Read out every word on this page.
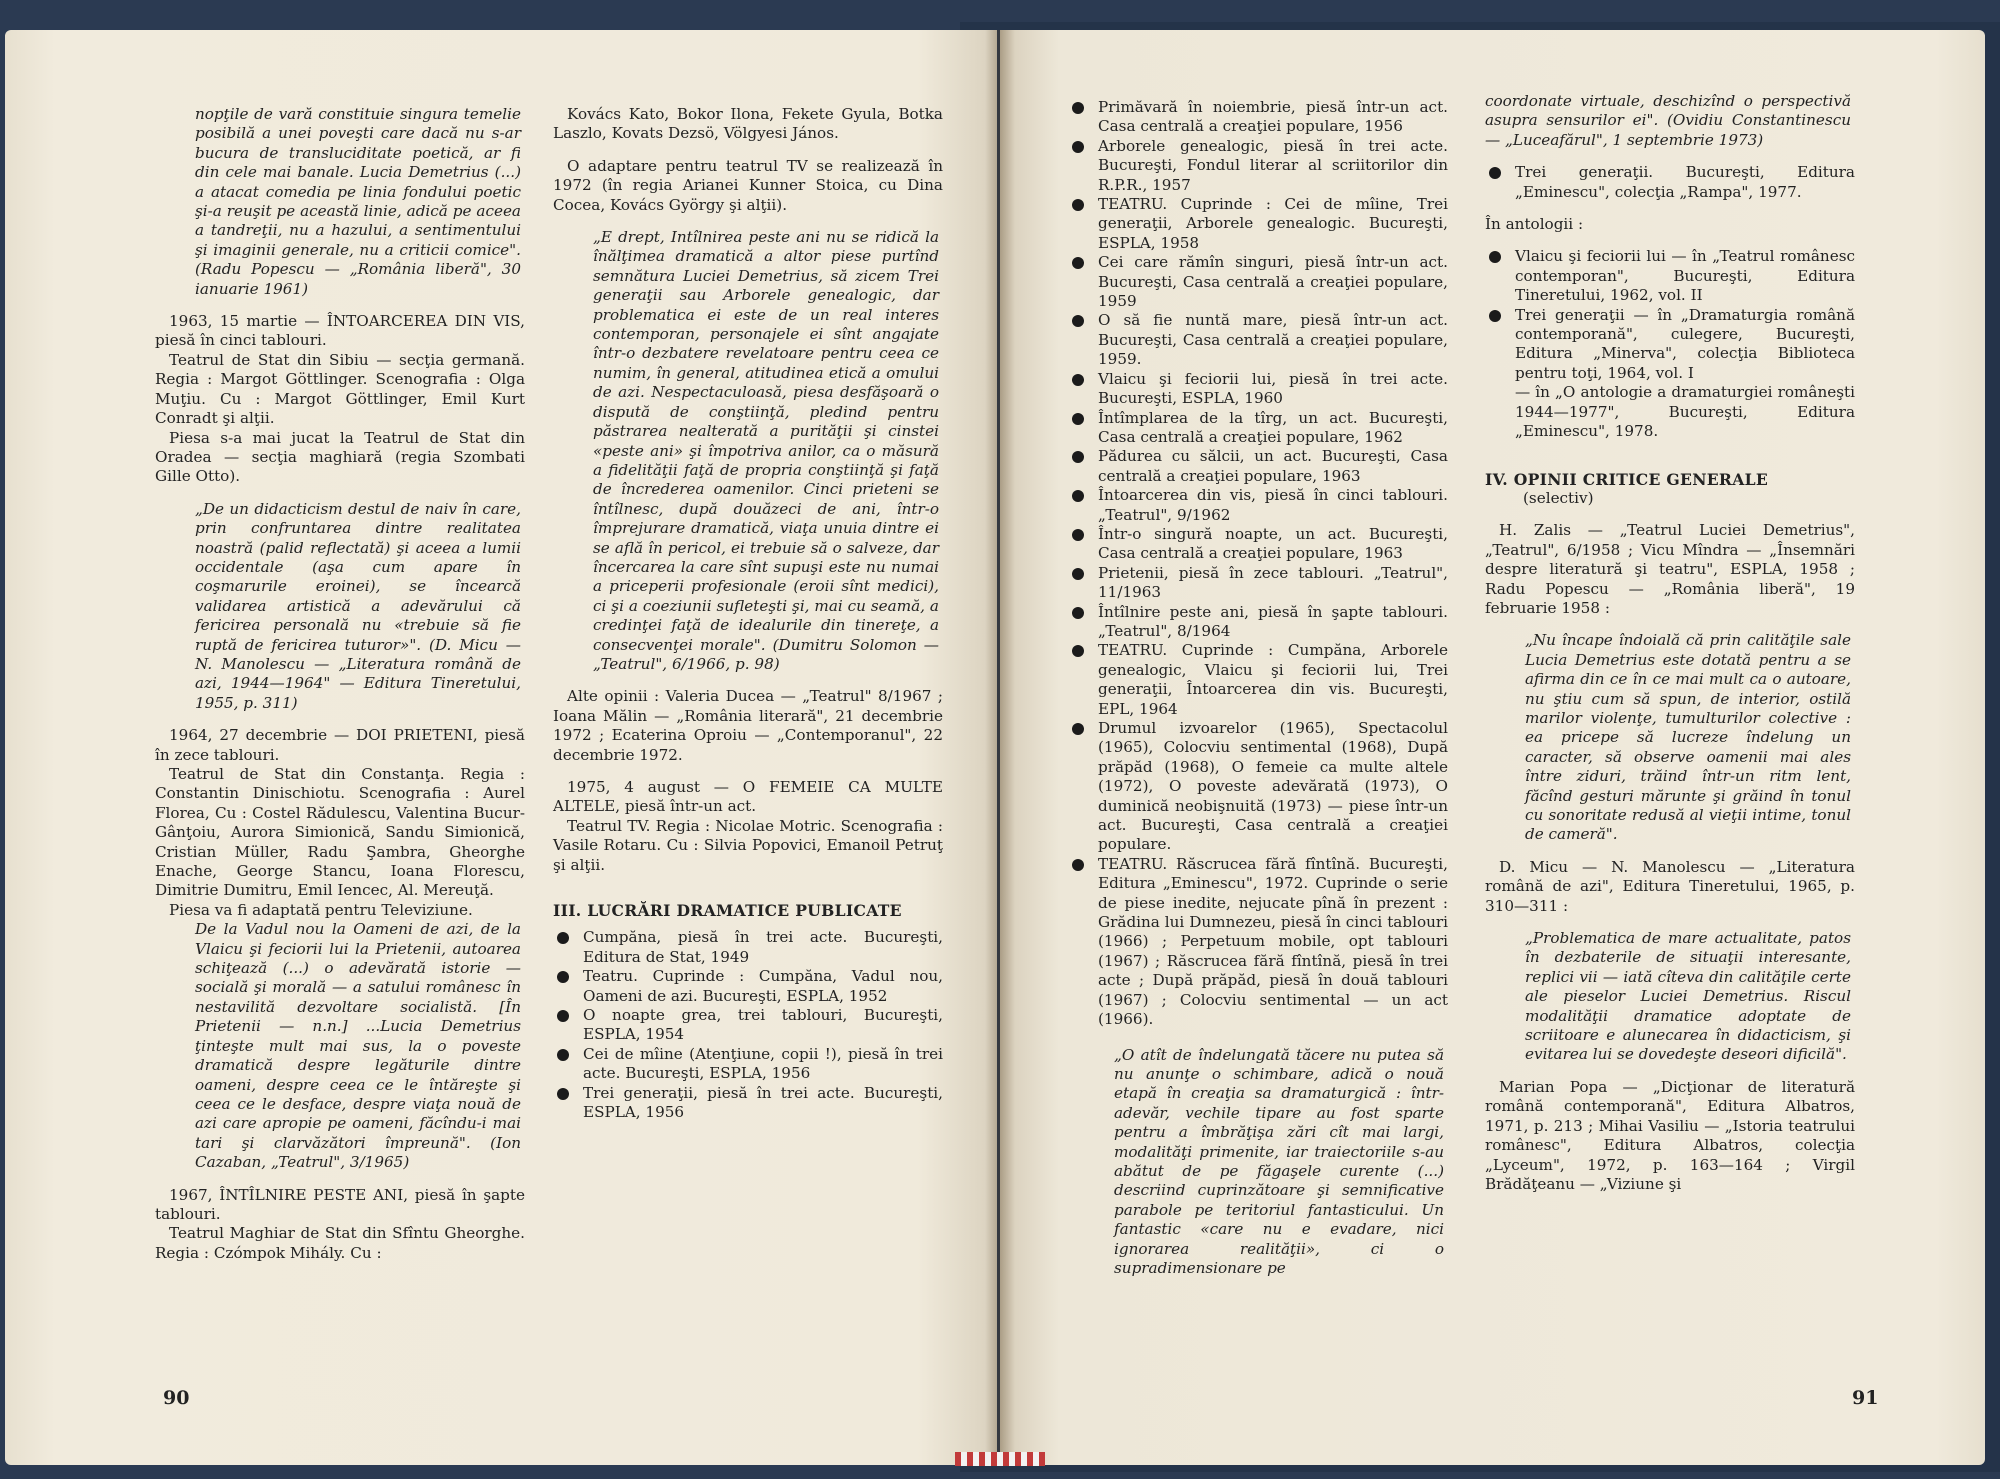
nopţile de vară constituie singura temelie posibilă a unei poveşti care dacă nu s-ar bucura de transluciditate poetică, ar fi din cele mai banale. Lucia Demetrius (...) a atacat comedia pe linia fondului poetic şi-a reuşit pe această linie, adică pe aceea a tandreţii, nu a hazului, a sentimentului şi imaginii generale, nu a criticii comice". (Radu Popescu — „România liberă", 30 ianuarie 1961)

1963, 15 martie — ÎNTOARCEREA DIN VIS, piesă în cinci tablouri.

Teatrul de Stat din Sibiu — secţia germană. Regia : Margot Göttlinger. Scenografia : Olga Muţiu. Cu : Margot Göttlinger, Emil Kurt Conradt şi alţii.

Piesa s-a mai jucat la Teatrul de Stat din Oradea — secţia maghiară (regia Szombati Gille Otto).

„De un didacticism destul de naiv în care, prin confruntarea dintre realitatea noastră (palid reflectată) şi aceea a lumii occidentale (aşa cum apare în coşmarurile eroinei), se încearcă validarea artistică a adevărului că fericirea personală nu «trebuie să fie ruptă de fericirea tuturor»". (D. Micu — N. Manolescu — „Literatura română de azi, 1944—1964" — Editura Tineretului, 1955, p. 311)

1964, 27 decembrie — DOI PRIETENI, piesă în zece tablouri.

Teatrul de Stat din Constanţa. Regia : Constantin Dinischiotu. Scenografia : Aurel Florea, Cu : Costel Rădulescu, Valentina Bucur-Gânţoiu, Aurora Simionică, Sandu Simionică, Cristian Müller, Radu Şambra, Gheorghe Enache, George Stancu, Ioana Florescu, Dimitrie Dumitru, Emil Iencec, Al. Mereuţă.

Piesa va fi adaptată pentru Televiziune.

De la Vadul nou la Oameni de azi, de la Vlaicu şi feciorii lui la Prietenii, autoarea schiţează (...) o adevărată istorie — socială şi morală — a satului românesc în nestavilită dezvoltare socialistă. [În Prietenii — n.n.] ...Lucia Demetrius ţinteşte mult mai sus, la o poveste dramatică despre legăturile dintre oameni, despre ceea ce le întăreşte şi ceea ce le desface, despre viaţa nouă de azi care apropie pe oameni, făcîndu-i mai tari şi clarvăzători împreună". (Ion Cazaban, „Teatrul", 3/1965)

1967, ÎNTÎLNIRE PESTE ANI, piesă în şapte tablouri.

Teatrul Maghiar de Stat din Sfîntu Gheorghe. Regia : Czómpok Mihály. Cu :

Kovács Kato, Bokor Ilona, Fekete Gyula, Botka Laszlo, Kovats Dezsö, Völgyesi János.

O adaptare pentru teatrul TV se realizează în 1972 (în regia Arianei Kunner Stoica, cu Dina Cocea, Kovács György şi alţii).

„E drept, Intîlnirea peste ani nu se ridică la înălţimea dramatică a altor piese purtînd semnătura Luciei Demetrius, să zicem Trei generaţii sau Arborele genealogic, dar problematica ei este de un real interes contemporan, personajele ei sînt angajate într-o dezbatere revelatoare pentru ceea ce numim, în general, atitudinea etică a omului de azi. Nespectaculoasă, piesa desfăşoară o dispută de conştiinţă, pledind pentru păstrarea nealterată a purităţii şi cinstei «peste ani» şi împotriva anilor, ca o măsură a fidelităţii faţă de propria conştiinţă şi faţă de încrederea oamenilor. Cinci prieteni se întîlnesc, după douăzeci de ani, într-o împrejurare dramatică, viaţa unuia dintre ei se află în pericol, ei trebuie să o salveze, dar încercarea la care sînt supuşi este nu numai a priceperii profesionale (eroii sînt medici), ci şi a coeziunii sufleteşti şi, mai cu seamă, a credinţei faţă de idealurile din tinereţe, a consecvenţei morale". (Dumitru Solomon — „Teatrul", 6/1966, p. 98)

Alte opinii : Valeria Ducea — „Teatrul" 8/1967 ; Ioana Mălin — „România literară", 21 decembrie 1972 ; Ecaterina Oproiu — „Contemporanul", 22 decembrie 1972.

1975, 4 august — O FEMEIE CA MULTE ALTELE, piesă într-un act.

Teatrul TV. Regia : Nicolae Motric. Scenografia : Vasile Rotaru. Cu : Silvia Popovici, Emanoil Petruţ şi alţii.

III. LUCRĂRI DRAMATICE PUBLICATE

Cumpăna, piesă în trei acte. Bucureşti, Editura de Stat, 1949

Teatru. Cuprinde : Cumpăna, Vadul nou, Oameni de azi. Bucureşti, ESPLA, 1952

O noapte grea, trei tablouri, Bucureşti, ESPLA, 1954

Cei de mîine (Atenţiune, copii !), piesă în trei acte. Bucureşti, ESPLA, 1956

Trei generaţii, piesă în trei acte. Bucureşti, ESPLA, 1956

90

Primăvară în noiembrie, piesă într-un act. Casa centrală a creaţiei populare, 1956

Arborele genealogic, piesă în trei acte. Bucureşti, Fondul literar al scriitorilor din R.P.R., 1957

TEATRU. Cuprinde : Cei de mîine, Trei generaţii, Arborele genealogic. Bucureşti, ESPLA, 1958

Cei care rămîn singuri, piesă într-un act. Bucureşti, Casa centrală a creaţiei populare, 1959

O să fie nuntă mare, piesă într-un act. Bucureşti, Casa centrală a creaţiei populare, 1959.

Vlaicu şi feciorii lui, piesă în trei acte. Bucureşti, ESPLA, 1960

Întîmplarea de la tîrg, un act. Bucureşti, Casa centrală a creaţiei populare, 1962

Pădurea cu sălcii, un act. Bucureşti, Casa centrală a creaţiei populare, 1963

Întoarcerea din vis, piesă în cinci tablouri. „Teatrul", 9/1962

Într-o singură noapte, un act. Bucureşti, Casa centrală a creaţiei populare, 1963

Prietenii, piesă în zece tablouri. „Teatrul", 11/1963

Întîlnire peste ani, piesă în şapte tablouri. „Teatrul", 8/1964

TEATRU. Cuprinde : Cumpăna, Arborele genealogic, Vlaicu şi feciorii lui, Trei generaţii, Întoarcerea din vis. Bucureşti, EPL, 1964

Drumul izvoarelor (1965), Spectacolul (1965), Colocviu sentimental (1968), După prăpăd (1968), O femeie ca multe altele (1972), O poveste adevărată (1973), O duminică neobişnuită (1973) — piese într-un act. Bucureşti, Casa centrală a creaţiei populare.

TEATRU. Răscrucea fără fîntînă. Bucureşti, Editura „Eminescu", 1972. Cuprinde o serie de piese inedite, nejucate pînă în prezent : Grădina lui Dumnezeu, piesă în cinci tablouri (1966) ; Perpetuum mobile, opt tablouri (1967) ; Răscrucea fără fîntînă, piesă în trei acte ; După prăpăd, piesă în două tablouri (1967) ; Colocviu sentimental — un act (1966).

„O atît de îndelungată tăcere nu putea să nu anunţe o schimbare, adică o nouă etapă în creaţia sa dramaturgică : într-adevăr, vechile tipare au fost sparte pentru a îmbrăţişa zări cît mai largi, modalităţi primenite, iar traiectoriile s-au abătut de pe făgaşele curente (...) descriind cuprinzătoare şi semnificative parabole pe teritoriul fantasticului. Un fantastic «care nu e evadare, nici ignorarea realităţii», ci o supradimensionare pe

coordonate virtuale, deschizînd o perspectivă asupra sensurilor ei". (Ovidiu Constantinescu — „Luceafărul", 1 septembrie 1973)

Trei generaţii. Bucureşti, Editura „Eminescu", colecţia „Rampa", 1977.

În antologii :

Vlaicu şi feciorii lui — în „Teatrul românesc contemporan", Bucureşti, Editura Tineretului, 1962, vol. II

Trei generaţii — în „Dramaturgia română contemporană", culegere, Bucureşti, Editura „Minerva", colecţia Biblioteca pentru toţi, 1964, vol. I

— în „O antologie a dramaturgiei româneşti 1944—1977", Bucureşti, Editura „Eminescu", 1978.

IV. OPINII CRITICE GENERALE

(selectiv)

H. Zalis — „Teatrul Luciei Demetrius", „Teatrul", 6/1958 ; Vicu Mîndra — „Însemnări despre literatură şi teatru", ESPLA, 1958 ; Radu Popescu — „România liberă", 19 februarie 1958 :

„Nu încape îndoială că prin calităţile sale Lucia Demetrius este dotată pentru a se afirma din ce în ce mai mult ca o autoare, nu ştiu cum să spun, de interior, ostilă marilor violenţe, tumulturilor colective : ea pricepe să lucreze îndelung un caracter, să observe oamenii mai ales între ziduri, trăind într-un ritm lent, făcînd gesturi mărunte şi grăind în tonul cu sonoritate redusă al vieţii intime, tonul de cameră".

D. Micu — N. Manolescu — „Literatura română de azi", Editura Tineretului, 1965, p. 310—311 :

„Problematica de mare actualitate, patos în dezbaterile de situaţii interesante, replici vii — iată cîteva din calităţile certe ale pieselor Luciei Demetrius. Riscul modalităţii dramatice adoptate de scriitoare e alunecarea în didacticism, şi evitarea lui se dovedeşte deseori dificilă".

Marian Popa — „Dicţionar de literatură română contemporană", Editura Albatros, 1971, p. 213 ; Mihai Vasiliu — „Istoria teatrului românesc", Editura Albatros, colecţia „Lyceum", 1972, p. 163—164 ; Virgil Brădăţeanu — „Viziune şi

91
